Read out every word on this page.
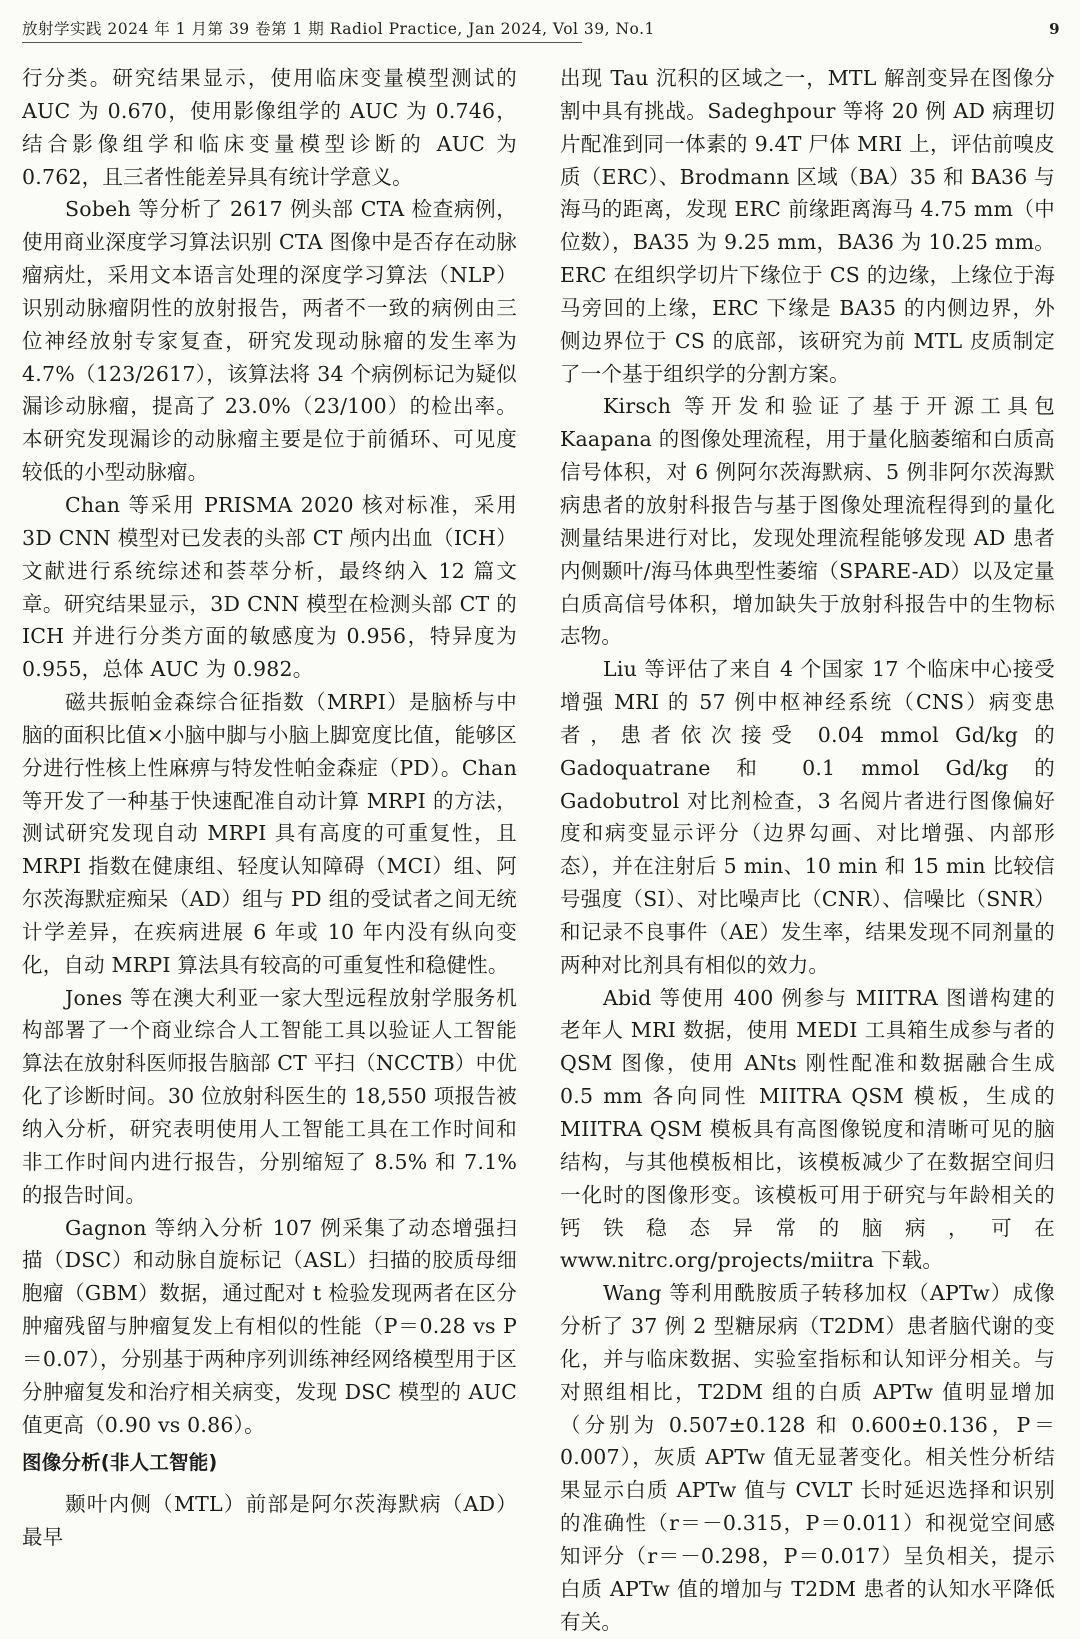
放射学实践 2024 年 1 月第 39 卷第 1 期 Radiol Practice, Jan 2024, Vol 39, No.1	9

行分类。研究结果显示，使用临床变量模型测试的 AUC 为 0.670，使用影像组学的 AUC 为 0.746，结合影像组学和临床变量模型诊断的 AUC 为 0.762，且三者性能差异具有统计学意义。

Sobeh 等分析了 2617 例头部 CTA 检查病例，使用商业深度学习算法识别 CTA 图像中是否存在动脉瘤病灶，采用文本语言处理的深度学习算法（NLP）识别动脉瘤阴性的放射报告，两者不一致的病例由三位神经放射专家复查，研究发现动脉瘤的发生率为 4.7%（123/2617），该算法将 34 个病例标记为疑似漏诊动脉瘤，提高了 23.0%（23/100）的检出率。本研究发现漏诊的动脉瘤主要是位于前循环、可见度较低的小型动脉瘤。

Chan 等采用 PRISMA 2020 核对标准，采用 3D CNN 模型对已发表的头部 CT 颅内出血（ICH）文献进行系统综述和荟萃分析，最终纳入 12 篇文章。研究结果显示，3D CNN 模型在检测头部 CT 的 ICH 并进行分类方面的敏感度为 0.956，特异度为 0.955，总体 AUC 为 0.982。

磁共振帕金森综合征指数（MRPI）是脑桥与中脑的面积比值×小脑中脚与小脑上脚宽度比值，能够区分进行性核上性麻痹与特发性帕金森症（PD）。Chan 等开发了一种基于快速配准自动计算 MRPI 的方法，测试研究发现自动 MRPI 具有高度的可重复性，且 MRPI 指数在健康组、轻度认知障碍（MCI）组、阿尔茨海默症痴呆（AD）组与 PD 组的受试者之间无统计学差异，在疾病进展 6 年或 10 年内没有纵向变化，自动 MRPI 算法具有较高的可重复性和稳健性。

Jones 等在澳大利亚一家大型远程放射学服务机构部署了一个商业综合人工智能工具以验证人工智能算法在放射科医师报告脑部 CT 平扫（NCCTB）中优化了诊断时间。30 位放射科医生的 18,550 项报告被纳入分析，研究表明使用人工智能工具在工作时间和非工作时间内进行报告，分别缩短了 8.5% 和 7.1% 的报告时间。

Gagnon 等纳入分析 107 例采集了动态增强扫描（DSC）和动脉自旋标记（ASL）扫描的胶质母细胞瘤（GBM）数据，通过配对 t 检验发现两者在区分肿瘤残留与肿瘤复发上有相似的性能（P＝0.28 vs P＝0.07），分别基于两种序列训练神经网络模型用于区分肿瘤复发和治疗相关病变，发现 DSC 模型的 AUC 值更高（0.90 vs 0.86）。

图像分析(非人工智能)

颞叶内侧（MTL）前部是阿尔茨海默病（AD）最早

出现 Tau 沉积的区域之一，MTL 解剖变异在图像分割中具有挑战。Sadeghpour 等将 20 例 AD 病理切片配准到同一体素的 9.4T 尸体 MRI 上，评估前嗅皮质（ERC）、Brodmann 区域（BA）35 和 BA36 与海马的距离，发现 ERC 前缘距离海马 4.75 mm（中位数），BA35 为 9.25 mm，BA36 为 10.25 mm。ERC 在组织学切片下缘位于 CS 的边缘，上缘位于海马旁回的上缘，ERC 下缘是 BA35 的内侧边界，外侧边界位于 CS 的底部，该研究为前 MTL 皮质制定了一个基于组织学的分割方案。

Kirsch 等开发和验证了基于开源工具包 Kaapana 的图像处理流程，用于量化脑萎缩和白质高信号体积，对 6 例阿尔茨海默病、5 例非阿尔茨海默病患者的放射科报告与基于图像处理流程得到的量化测量结果进行对比，发现处理流程能够发现 AD 患者内侧颞叶/海马体典型性萎缩（SPARE-AD）以及定量白质高信号体积，增加缺失于放射科报告中的生物标志物。

Liu 等评估了来自 4 个国家 17 个临床中心接受增强 MRI 的 57 例中枢神经系统（CNS）病变患者，患者依次接受 0.04 mmol Gd/kg 的 Gadoquatrane 和 0.1 mmol Gd/kg 的 Gadobutrol 对比剂检查，3 名阅片者进行图像偏好度和病变显示评分（边界勾画、对比增强、内部形态），并在注射后 5 min、10 min 和 15 min 比较信号强度（SI）、对比噪声比（CNR）、信噪比（SNR）和记录不良事件（AE）发生率，结果发现不同剂量的两种对比剂具有相似的效力。

Abid 等使用 400 例参与 MIITRA 图谱构建的老年人 MRI 数据，使用 MEDI 工具箱生成参与者的 QSM 图像，使用 ANts 刚性配准和数据融合生成 0.5 mm 各向同性 MIITRA QSM 模板，生成的 MIITRA QSM 模板具有高图像锐度和清晰可见的脑结构，与其他模板相比，该模板减少了在数据空间归一化时的图像形变。该模板可用于研究与年龄相关的钙铁稳态异常的脑病，可在 www.nitrc.org/projects/miitra 下载。

Wang 等利用酰胺质子转移加权（APTw）成像分析了 37 例 2 型糖尿病（T2DM）患者脑代谢的变化，并与临床数据、实验室指标和认知评分相关。与对照组相比，T2DM 组的白质 APTw 值明显增加（分别为 0.507±0.128 和 0.600±0.136，P＝0.007），灰质 APTw 值无显著变化。相关性分析结果显示白质 APTw 值与 CVLT 长时延迟选择和识别的准确性（r＝－0.315，P＝0.011）和视觉空间感知评分（r＝－0.298，P＝0.017）呈负相关，提示白质 APTw 值的增加与 T2DM 患者的认知水平降低有关。
